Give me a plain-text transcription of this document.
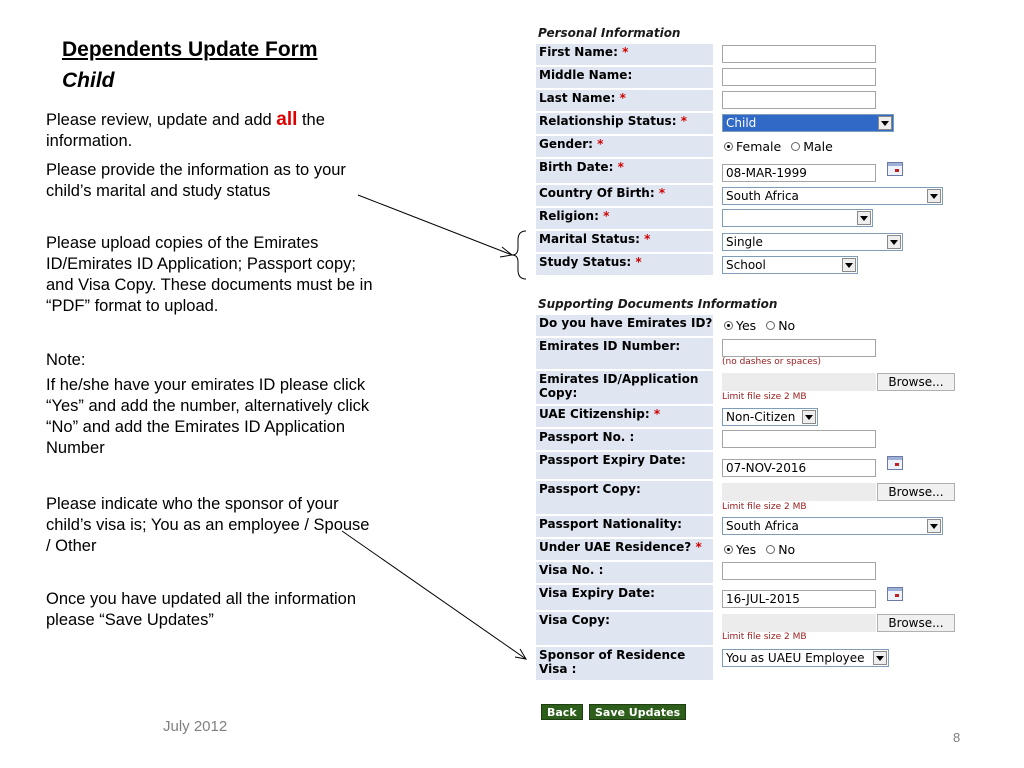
Dependents Update Form
Child
Please review, update and add all the information.
Please provide the information as to your child’s marital and study status
Please upload copies of the Emirates ID/Emirates ID Application; Passport copy; and Visa Copy. These documents must be in “PDF” format to upload.
Note:
If he/she have your emirates ID please click “Yes” and add the number, alternatively click “No” and add the Emirates ID Application Number
Please indicate who the sponsor of your child’s visa is; You as an employee / Spouse / Other
Once you have updated all the information please “Save Updates”
July 2012
8
Personal Information
First Name: *
Middle Name:
Last Name: *
Relationship Status: *	Child
Gender: *	Female Male
Birth Date: *	08-MAR-1999
Country Of Birth: *	South Africa
Religion: *
Marital Status: *	Single
Study Status: *	School
Supporting Documents Information
Do you have Emirates ID? Yes No
Emirates ID Number:
(no dashes or spaces)
Emirates ID/Application Copy:
Browse...
Limit file size 2 MB
UAE Citizenship: *	Non-Citizen
Passport No. :
Passport Expiry Date:
07-NOV-2016
Passport Copy:	Browse...
Limit file size 2 MB
Passport Nationality:	South Africa
Under UAE Residence? *	Yes No
Visa No. :
Visa Expiry Date:	16-JUL-2015
Visa Copy:	Browse...
Limit file size 2 MB
Sponsor of Residence Visa :
You as UAEU Employee
Back	Save Updates
